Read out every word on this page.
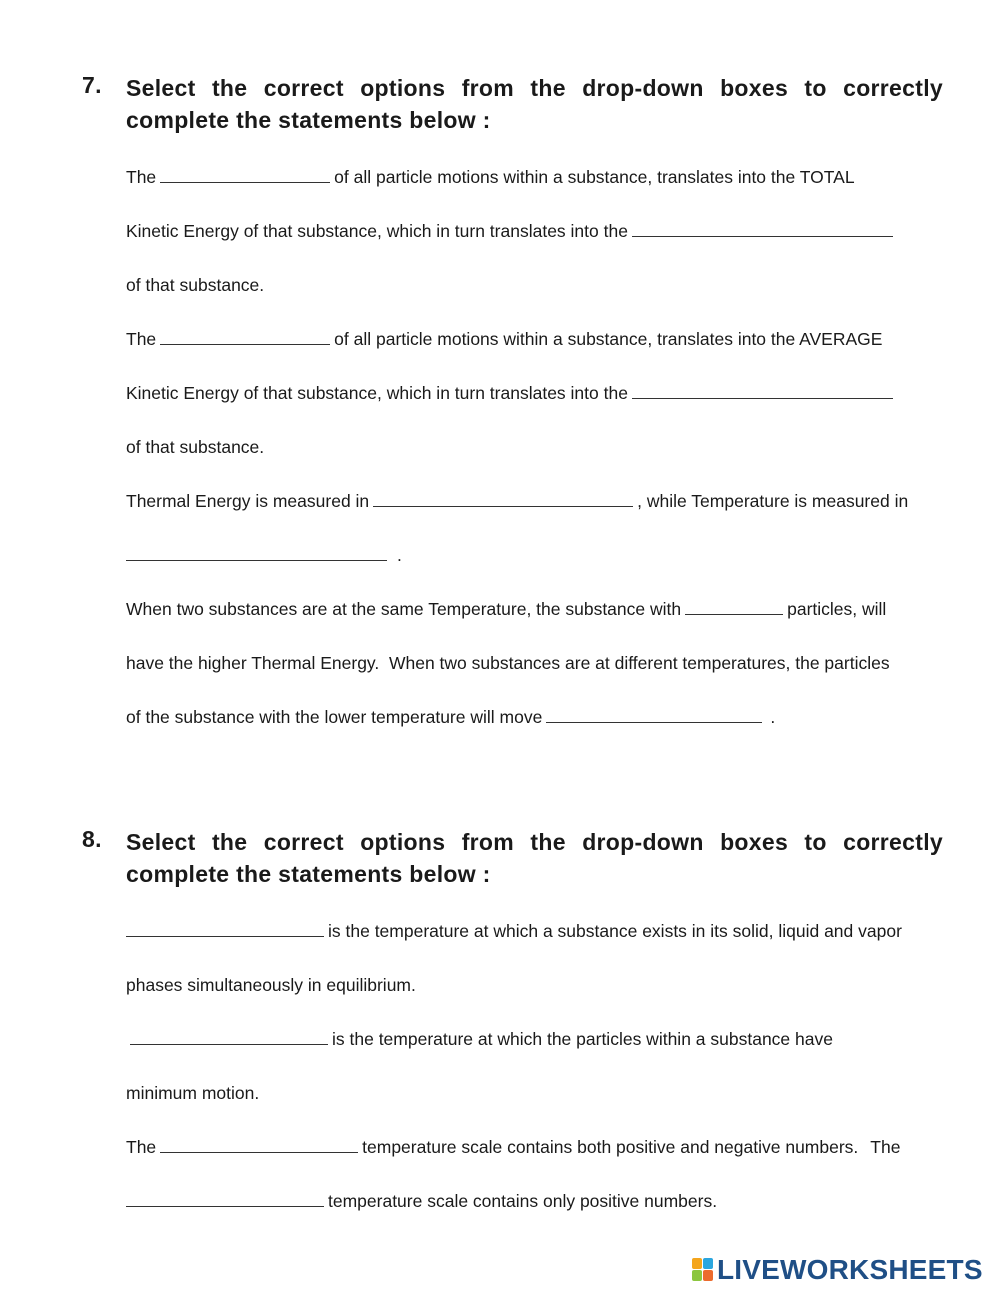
7. Select the correct options from the drop-down boxes to correctly
complete the statements below :
The	of all particle motions within a substance, translates into the TOTAL
Kinetic Energy of that substance, which in turn translates into the
of that substance.
The	of all particle motions within a substance, translates into the AVERAGE
Kinetic Energy of that substance, which in turn translates into the
of that substance.
Thermal Energy is measured in	, while Temperature is measured in
.
When two substances are at the same Temperature, the substance with	particles, will
have the higher Thermal Energy.  When two substances are at different temperatures, the particles
of the substance with the lower temperature will move	.
8. Select the correct options from the drop-down boxes to correctly
complete the statements below :
is the temperature at which a substance exists in its solid, liquid and vapor
phases simultaneously in equilibrium.
is the temperature at which the particles within a substance have
minimum motion.
The	temperature scale contains both positive and negative numbers. The
temperature scale contains only positive numbers.
LIVEWORKSHEETS
